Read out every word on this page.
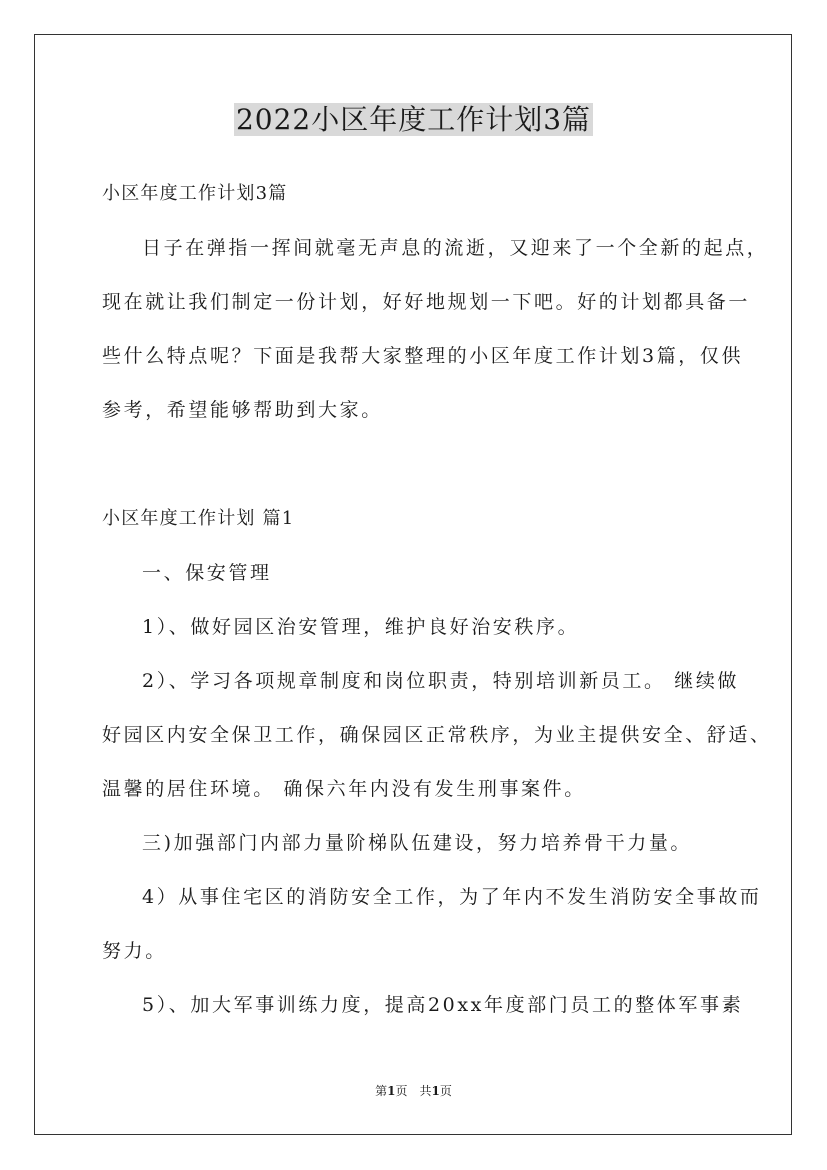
2022小区年度工作计划3篇

小区年度工作计划3篇

日子在弹指一挥间就毫无声息的流逝，又迎来了一个全新的起点，

现在就让我们制定一份计划，好好地规划一下吧。好的计划都具备一

些什么特点呢？下面是我帮大家整理的小区年度工作计划3篇，仅供

参考，希望能够帮助到大家。

小区年度工作计划 篇1

一、保安管理

1）、做好园区治安管理，维护良好治安秩序。

2）、学习各项规章制度和岗位职责，特别培训新员工。 继续做

好园区内安全保卫工作，确保园区正常秩序，为业主提供安全、舒适、

温馨的居住环境。 确保六年内没有发生刑事案件。

三)加强部门内部力量阶梯队伍建设，努力培养骨干力量。

4）从事住宅区的消防安全工作，为了年内不发生消防安全事故而

努力。

5）、加大军事训练力度，提高20xx年度部门员工的整体军事素

第1页　共1页
